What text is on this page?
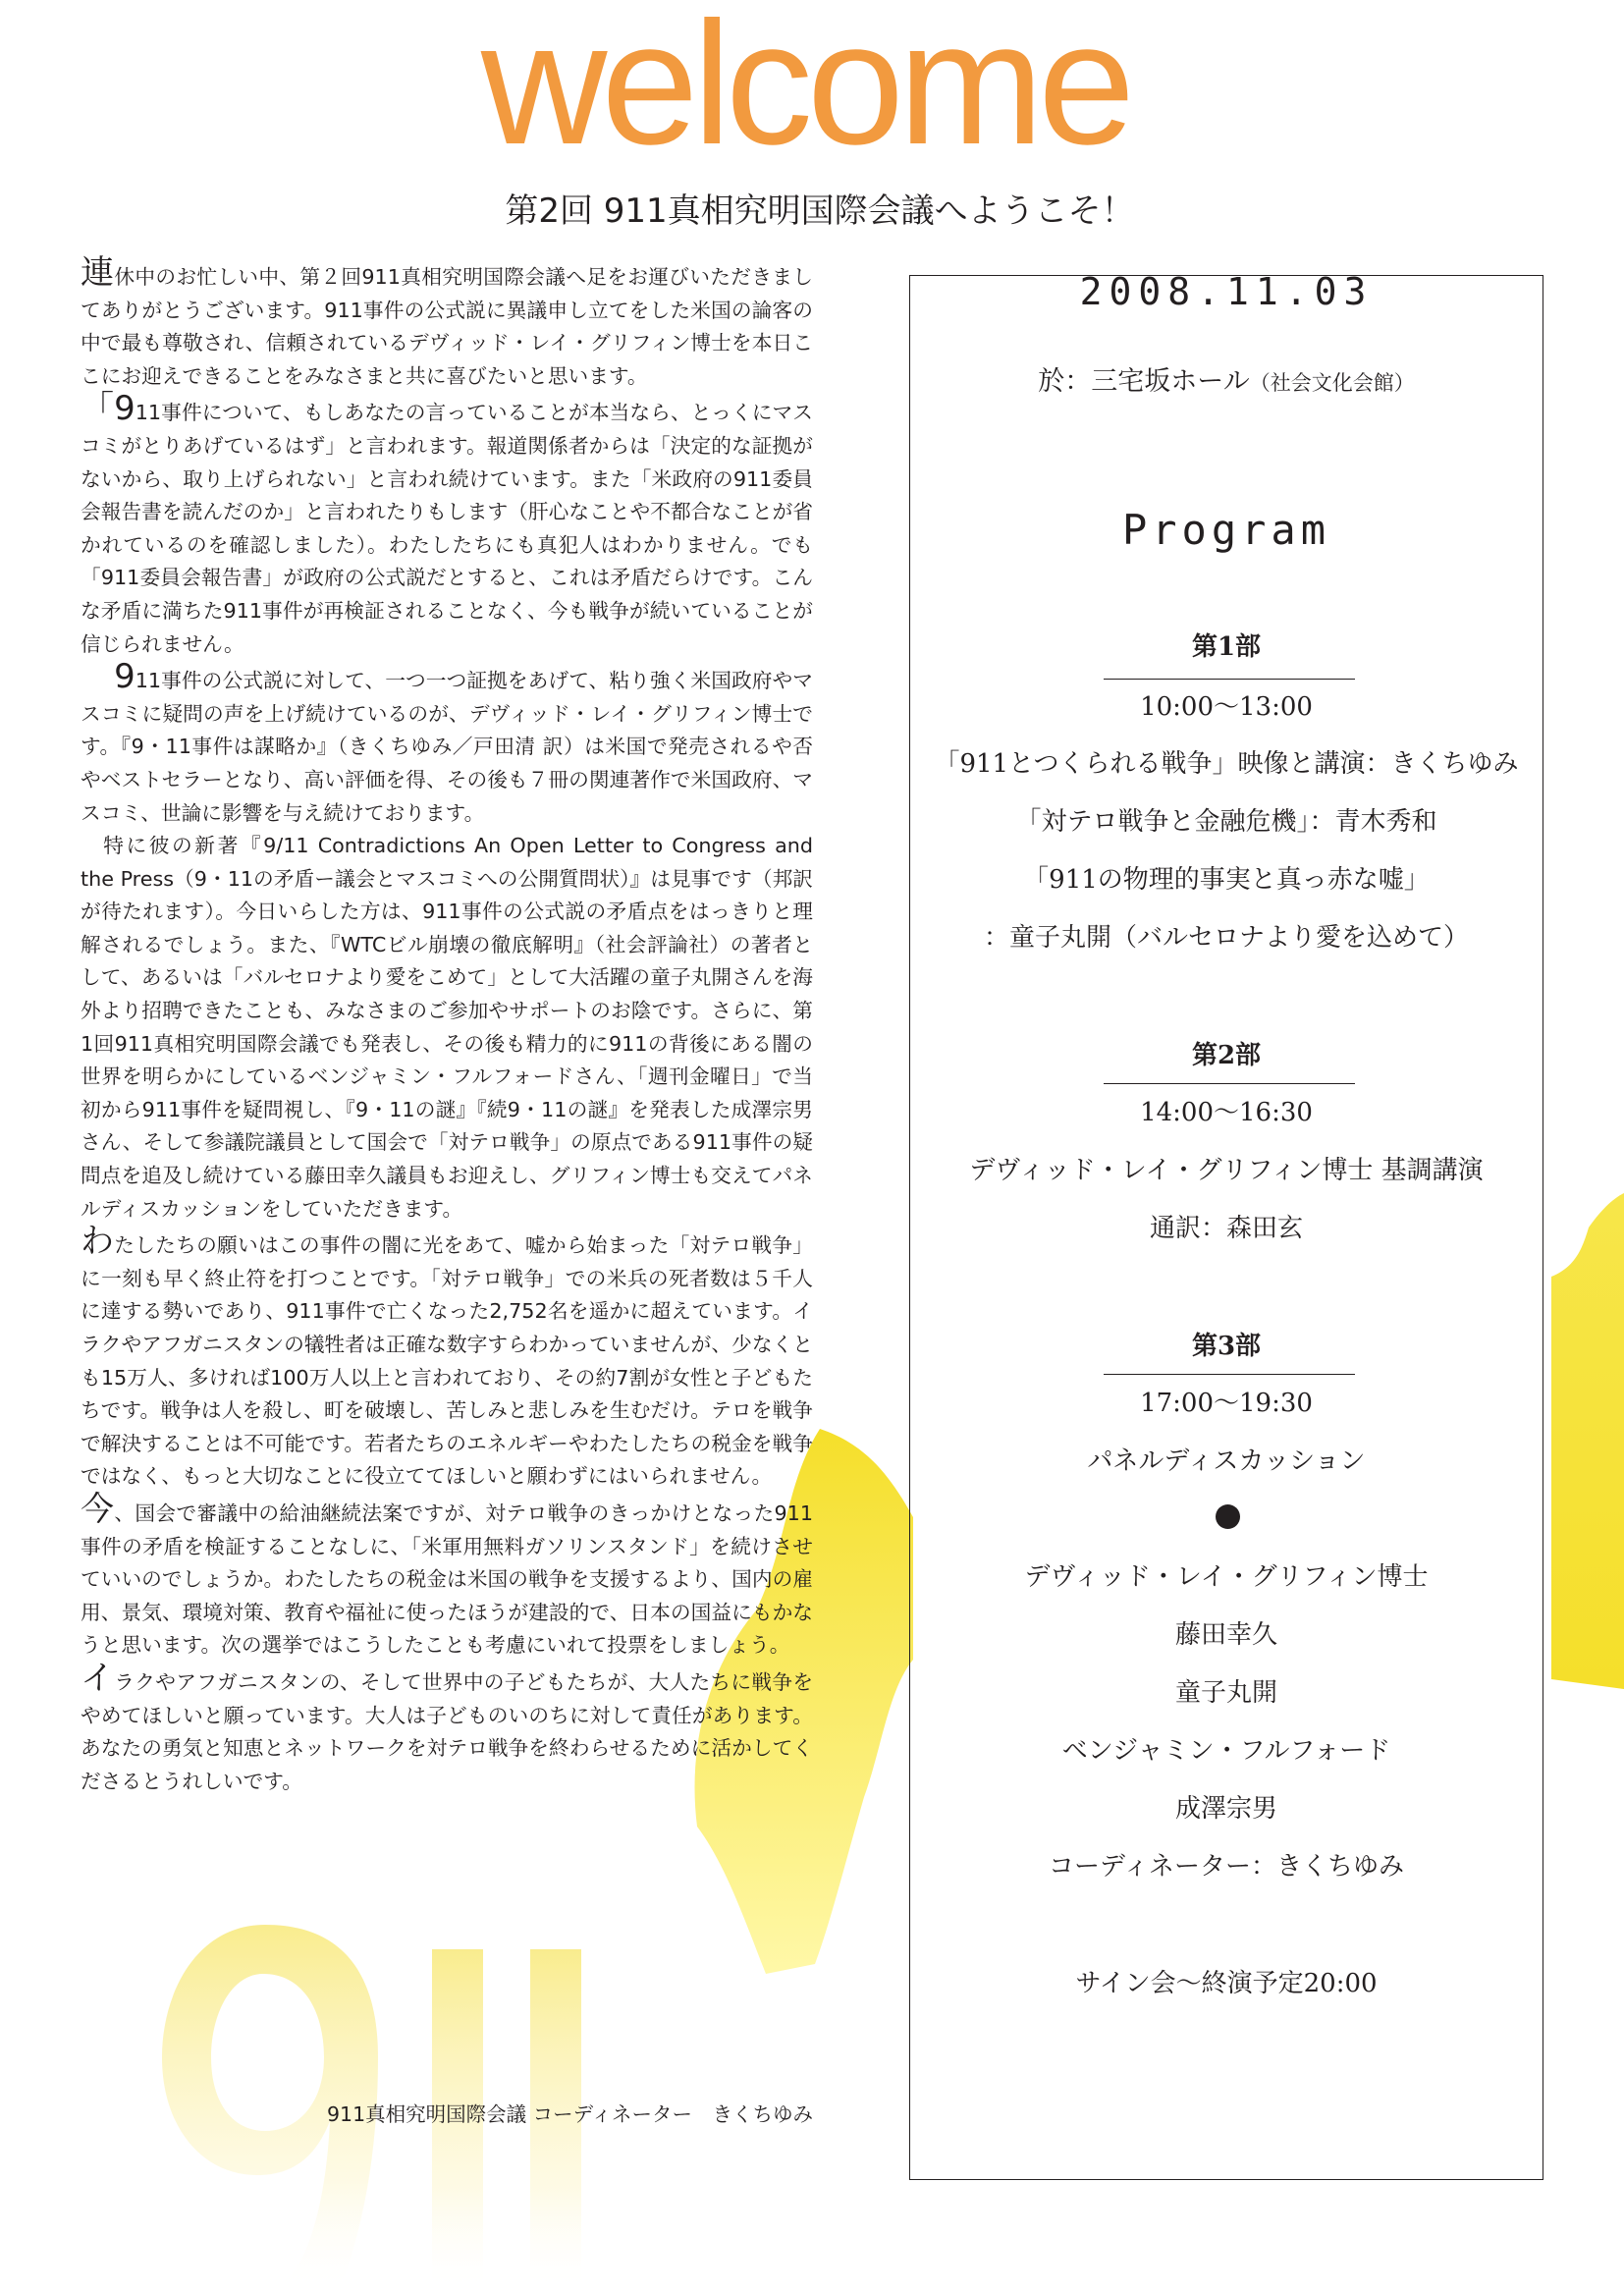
welcome
第2回 911真相究明国際会議へようこそ！

連休中のお忙しい中、第２回911真相究明国際会議へ足をお運びいただきましてありがとうございます。911事件の公式説に異議申し立てをした米国の論客の中で最も尊敬され、信頼されているデヴィッド・レイ・グリフィン博士を本日ここにお迎えできることをみなさまと共に喜びたいと思います。

「911事件について、もしあなたの言っていることが本当なら、とっくにマスコミがとりあげているはず」と言われます。報道関係者からは「決定的な証拠がないから、取り上げられない」と言われ続けています。また「米政府の911委員会報告書を読んだのか」と言われたりもします（肝心なことや不都合なことが省かれているのを確認しました）。わたしたちにも真犯人はわかりません。でも「911委員会報告書」が政府の公式説だとすると、これは矛盾だらけです。こんな矛盾に満ちた911事件が再検証されることなく、今も戦争が続いていることが信じられません。

　911事件の公式説に対して、一つ一つ証拠をあげて、粘り強く米国政府やマスコミに疑問の声を上げ続けているのが、デヴィッド・レイ・グリフィン博士です。『9・11事件は謀略か』（きくちゆみ／戸田清 訳）は米国で発売されるや否やベストセラーとなり、高い評価を得、その後も７冊の関連著作で米国政府、マスコミ、世論に影響を与え続けております。

　特に彼の新著『9/11 Contradictions An Open Letter to Congress and the Press（9・11の矛盾ー議会とマスコミへの公開質問状）』は見事です（邦訳が待たれます）。今日いらした方は、911事件の公式説の矛盾点をはっきりと理解されるでしょう。また、『WTCビル崩壊の徹底解明』（社会評論社）の著者として、あるいは「バルセロナより愛をこめて」として大活躍の童子丸開さんを海外より招聘できたことも、みなさまのご参加やサポートのお陰です。さらに、第1回911真相究明国際会議でも発表し、その後も精力的に911の背後にある闇の世界を明らかにしているベンジャミン・フルフォードさん、「週刊金曜日」で当初から911事件を疑問視し、『9・11の謎』『続9・11の謎』を発表した成澤宗男さん、そして参議院議員として国会で「対テロ戦争」の原点である911事件の疑問点を追及し続けている藤田幸久議員もお迎えし、グリフィン博士も交えてパネルディスカッションをしていただきます。

わたしたちの願いはこの事件の闇に光をあて、嘘から始まった「対テロ戦争」に一刻も早く終止符を打つことです。「対テロ戦争」での米兵の死者数は５千人に達する勢いであり、911事件で亡くなった2,752名を遥かに超えています。イラクやアフガニスタンの犠牲者は正確な数字すらわかっていませんが、少なくとも15万人、多ければ100万人以上と言われており、その約7割が女性と子どもたちです。戦争は人を殺し、町を破壊し、苦しみと悲しみを生むだけ。テロを戦争で解決することは不可能です。若者たちのエネルギーやわたしたちの税金を戦争ではなく、もっと大切なことに役立ててほしいと願わずにはいられません。

今、国会で審議中の給油継続法案ですが、対テロ戦争のきっかけとなった911事件の矛盾を検証することなしに、「米軍用無料ガソリンスタンド」を続けさせていいのでしょうか。わたしたちの税金は米国の戦争を支援するより、国内の雇用、景気、環境対策、教育や福祉に使ったほうが建設的で、日本の国益にもかなうと思います。次の選挙ではこうしたことも考慮にいれて投票をしましょう。

イラクやアフガニスタンの、そして世界中の子どもたちが、大人たちに戦争をやめてほしいと願っています。大人は子どものいのちに対して責任があります。あなたの勇気と知恵とネットワークを対テロ戦争を終わらせるために活かしてくださるとうれしいです。

911真相究明国際会議 コーディネーター　きくちゆみ
2008.11.03
於：三宅坂ホール（社会文化会館）
Program
第1部
10:00〜13:00
「911とつくられる戦争」映像と講演：きくちゆみ
「対テロ戦争と金融危機」：青木秀和
「911の物理的事実と真っ赤な嘘」
：童子丸開（バルセロナより愛を込めて）
第2部
14:00〜16:30
デヴィッド・レイ・グリフィン博士 基調講演
通訳：森田玄
第3部
17:00〜19:30
パネルディスカッション
デヴィッド・レイ・グリフィン博士
藤田幸久
童子丸開
ベンジャミン・フルフォード
成澤宗男
コーディネーター：きくちゆみ
サイン会〜終演予定20:00
